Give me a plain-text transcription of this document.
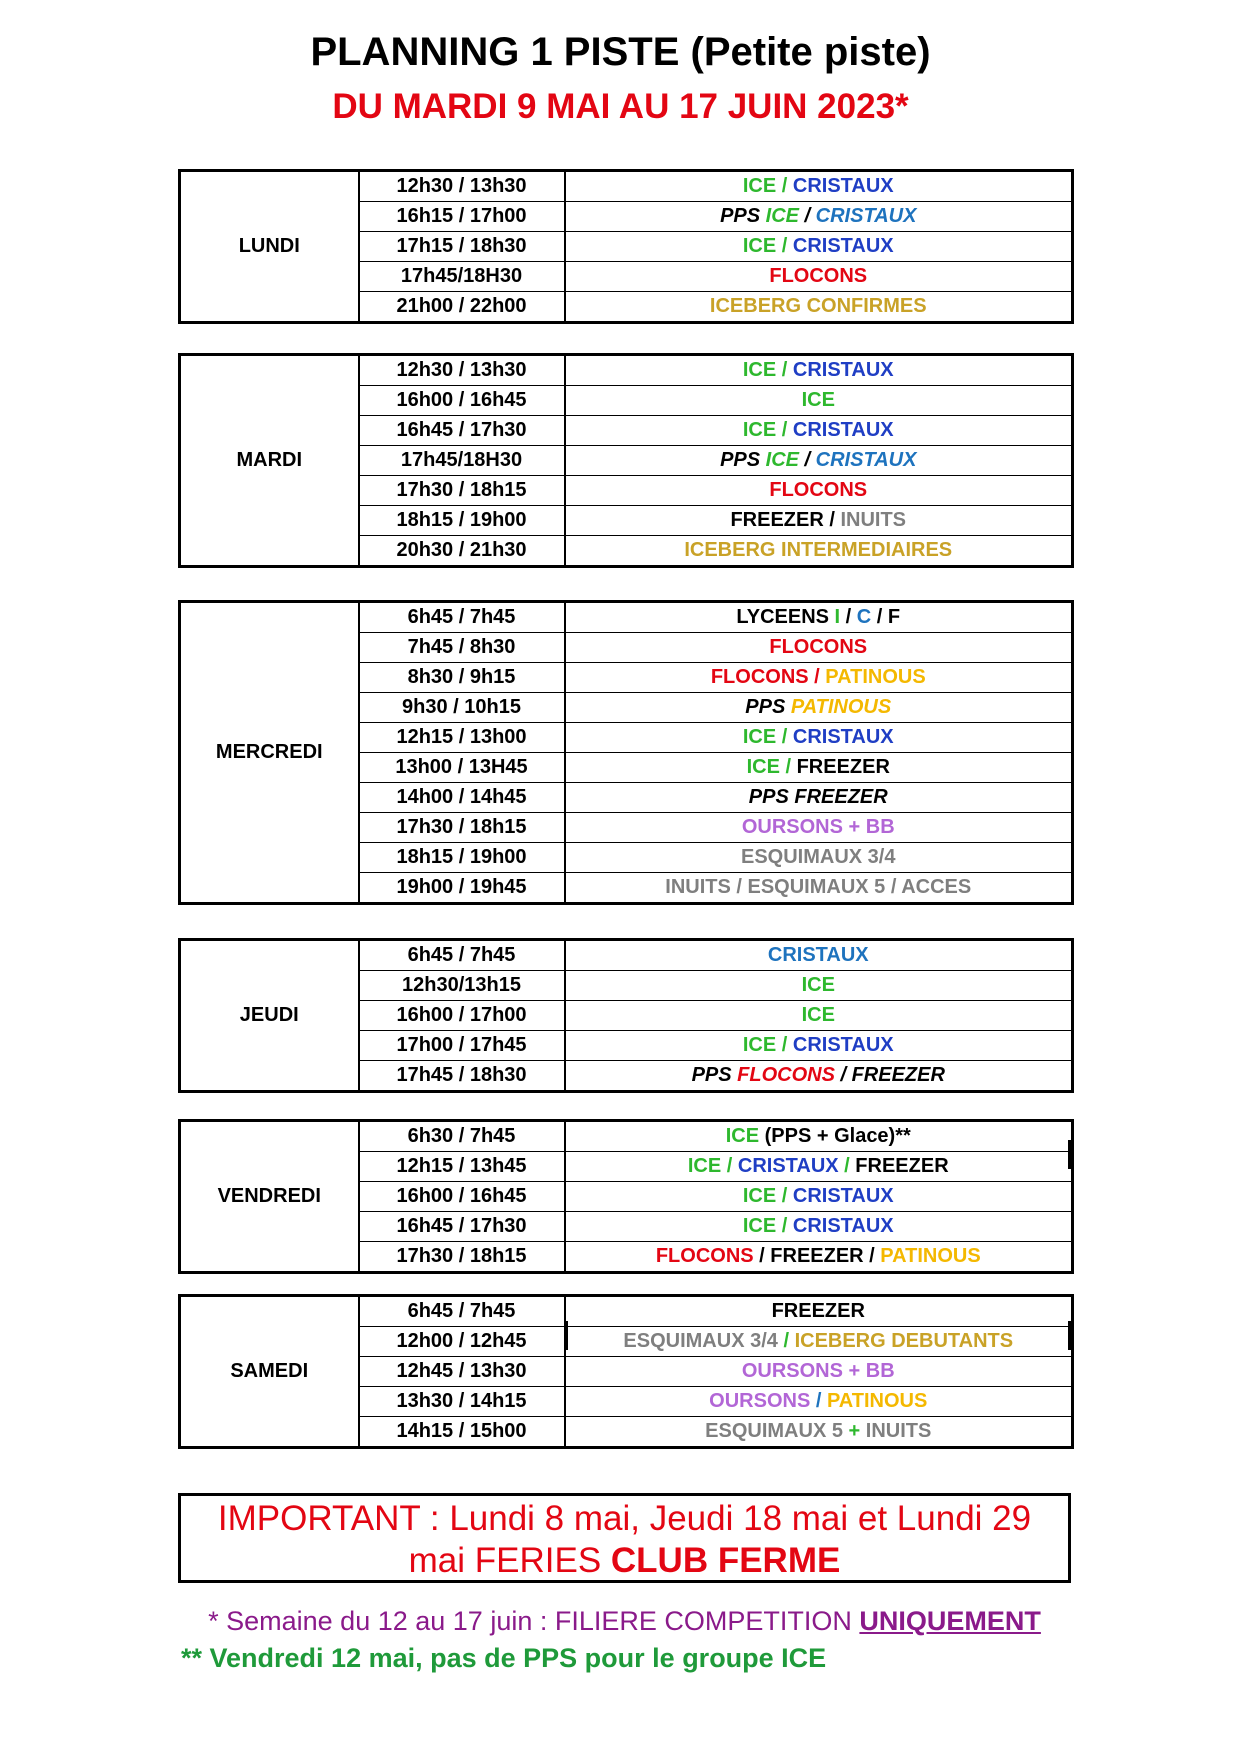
PLANNING 1 PISTE (Petite piste)
DU MARDI 9 MAI AU 17 JUIN 2023*
LUNDI	12h30 / 13h30	ICE / CRISTAUX
	16h15 / 17h00	PPS ICE / CRISTAUX
	17h15 / 18h30	ICE / CRISTAUX
	17h45/18H30	FLOCONS
	21h00 / 22h00	ICEBERG CONFIRMES
MARDI	12h30 / 13h30	ICE / CRISTAUX
	16h00 / 16h45	ICE
	16h45 / 17h30	ICE / CRISTAUX
	17h45/18H30	PPS ICE / CRISTAUX
	17h30 / 18h15	FLOCONS
	18h15 / 19h00	FREEZER / INUITS
	20h30 / 21h30	ICEBERG INTERMEDIAIRES
MERCREDI	6h45 / 7h45	LYCEENS I / C / F
	7h45 / 8h30	FLOCONS
	8h30 / 9h15	FLOCONS / PATINOUS
	9h30 / 10h15	PPS PATINOUS
	12h15 / 13h00	ICE / CRISTAUX
	13h00 / 13H45	ICE / FREEZER
	14h00 / 14h45	PPS FREEZER
	17h30 / 18h15	OURSONS + BB
	18h15 / 19h00	ESQUIMAUX 3/4
	19h00 / 19h45	INUITS / ESQUIMAUX 5 / ACCES
JEUDI	6h45 / 7h45	CRISTAUX
	12h30/13h15	ICE
	16h00 / 17h00	ICE
	17h00 / 17h45	ICE / CRISTAUX
	17h45 / 18h30	PPS FLOCONS / FREEZER
VENDREDI	6h30 / 7h45	ICE (PPS + Glace)**
	12h15 / 13h45	ICE / CRISTAUX / FREEZER
	16h00 / 16h45	ICE / CRISTAUX
	16h45 / 17h30	ICE / CRISTAUX
	17h30 / 18h15	FLOCONS / FREEZER / PATINOUS
SAMEDI	6h45 / 7h45	FREEZER
	12h00 / 12h45	ESQUIMAUX 3/4 / ICEBERG DEBUTANTS
	12h45 / 13h30	OURSONS + BB
	13h30 / 14h15	OURSONS / PATINOUS
	14h15 / 15h00	ESQUIMAUX 5 + INUITS
IMPORTANT : Lundi 8 mai, Jeudi 18 mai et Lundi 29
mai FERIES CLUB FERME
* Semaine du 12 au 17 juin : FILIERE COMPETITION UNIQUEMENT
** Vendredi 12 mai, pas de PPS pour le groupe ICE
